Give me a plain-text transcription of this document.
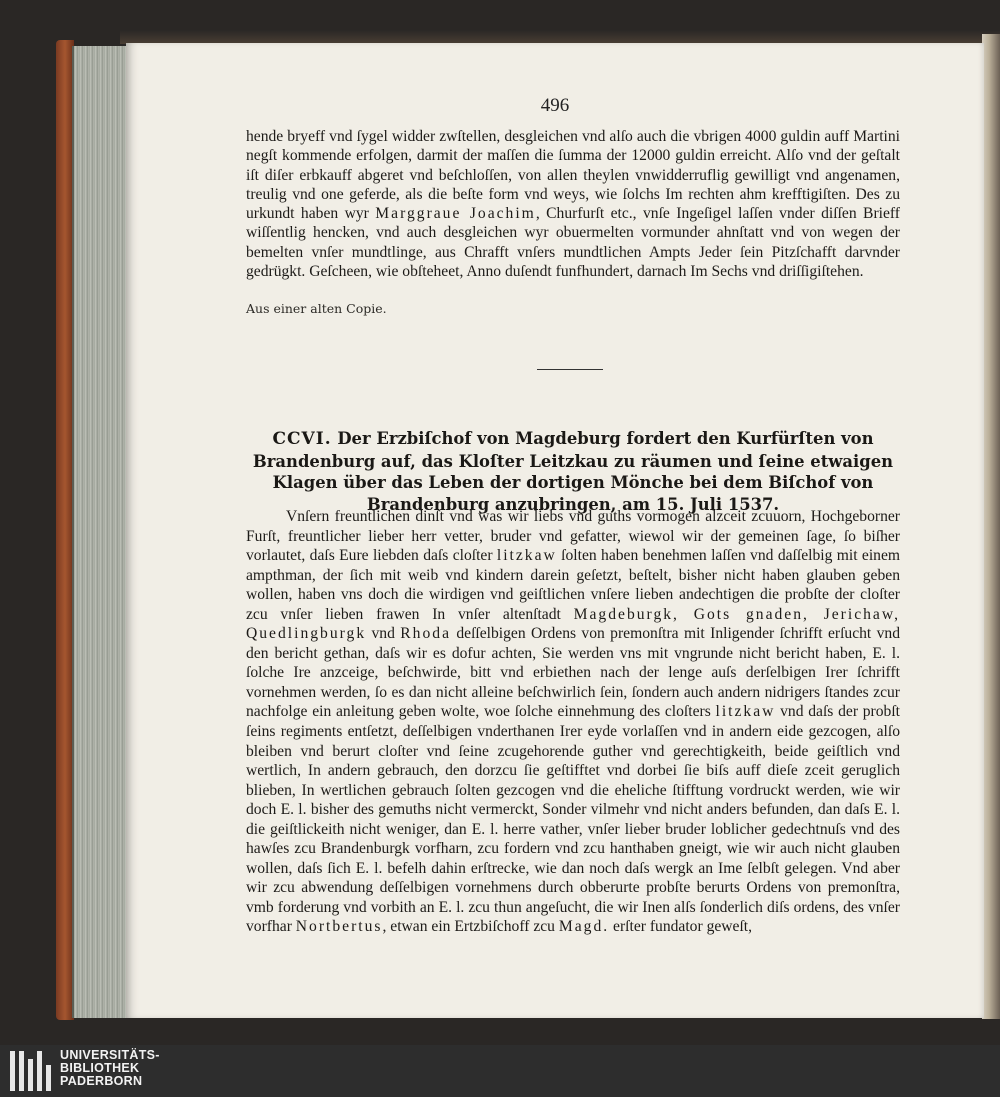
496

hende bryeff vnd ſygel widder zwſtellen, desgleichen vnd alſo auch die vbrigen 4000 guldin auff Martini negſt kommende erfolgen, darmit der maſſen die ſumma der 12000 guldin erreicht. Alſo vnd der geſtalt iſt diſer erbkauff abgeret vnd beſchloſſen, von allen theylen vnwidderruflig gewilligt vnd angenamen, treulig vnd one geferde, als die beſte form vnd weys, wie ſolchs Im rechten ahm krefftigiſten. Des zu urkundt haben wyr Marggraue Joachim, Churfurſt etc., vnſe Ingeſigel laſſen vnder diſſen Brieff wiſſentlig hencken, vnd auch desgleichen wyr obuermelten vormunder ahnſtatt vnd von wegen der bemelten vnſer mundtlinge, aus Chrafft vnſers mundtlichen Ampts Jeder ſein Pitzſchafft darvnder gedrügkt. Geſcheen, wie obſteheet, Anno duſendt funfhundert, darnach Im Sechs vnd driſſigiſtehen.

Aus einer alten Copie.
CCVI. Der Erzbiſchof von Magdeburg fordert den Kurfürſten von Brandenburg auf, das Kloſter Leitzkau zu räumen und ſeine etwaigen Klagen über das Leben der dortigen Mönche bei dem Biſchof von Brandenburg anzubringen, am 15. Juli 1537.

Vnſern freuntlichen dinſt vnd was wir liebs vnd guths vormogen alzceit zcuuorn, Hochgeborner Furſt, freuntlicher lieber herr vetter, bruder vnd gefatter, wiewol wir der gemeinen ſage, ſo biſher vorlautet, daſs Eure liebden daſs cloſter litzkaw ſolten haben benehmen laſſen vnd daſſelbig mit einem ampthman, der ſich mit weib vnd kindern darein geſetzt, beſtelt, bisher nicht haben glauben geben wollen, haben vns doch die wirdigen vnd geiſtlichen vnſere lieben andechtigen die probſte der cloſter zcu vnſer lieben frawen In vnſer altenſtadt Magdeburgk, Gots gnaden, Jerichaw, Quedlingburgk vnd Rhoda deſſelbigen Ordens von premonſtra mit Inligender ſchrifft erſucht vnd den bericht gethan, daſs wir es dofur achten, Sie werden vns mit vngrunde nicht bericht haben, E. l. ſolche Ire anzceige, beſchwirde, bitt vnd erbiethen nach der lenge auſs derſelbigen Irer ſchrifft vornehmen werden, ſo es dan nicht alleine beſchwirlich ſein, ſondern auch andern nidrigers ſtandes zcur nachfolge ein anleitung geben wolte, woe ſolche einnehmung des cloſters litzkaw vnd daſs der probſt ſeins regiments entſetzt, deſſelbigen vnderthanen Irer eyde vorlaſſen vnd in andern eide gezcogen, alſo bleiben vnd berurt cloſter vnd ſeine zcugehorende guther vnd gerechtigkeith, beide geiſtlich vnd wertlich, In andern gebrauch, den dorzcu ſie geſtifftet vnd dorbei ſie biſs auff dieſe zceit geruglich blieben, In wertlichen gebrauch ſolten gezcogen vnd die eheliche ſtifftung vordruckt werden, wie wir doch E. l. bisher des gemuths nicht vermerckt, Sonder vilmehr vnd nicht anders befunden, dan daſs E. l. die geiſtlickeith nicht weniger, dan E. l. herre vather, vnſer lieber bruder loblicher gedechtnuſs vnd des hawſes zcu Brandenburgk vorfharn, zcu fordern vnd zcu hanthaben gneigt, wie wir auch nicht glauben wollen, daſs ſich E. l. befelh dahin erſtrecke, wie dan noch daſs wergk an Ime ſelbſt gelegen. Vnd aber wir zcu abwendung deſſelbigen vornehmens durch obberurte probſte berurts Ordens von premonſtra, vmb forderung vnd vorbith an E. l. zcu thun angeſucht, die wir Inen alſs ſonderlich diſs ordens, des vnſer vorfhar Nortbertus, etwan ein Ertzbiſchoff zcu Magd. erſter fundator geweſt,

UNIVERSITÄTS-
BIBLIOTHEK
PADERBORN
